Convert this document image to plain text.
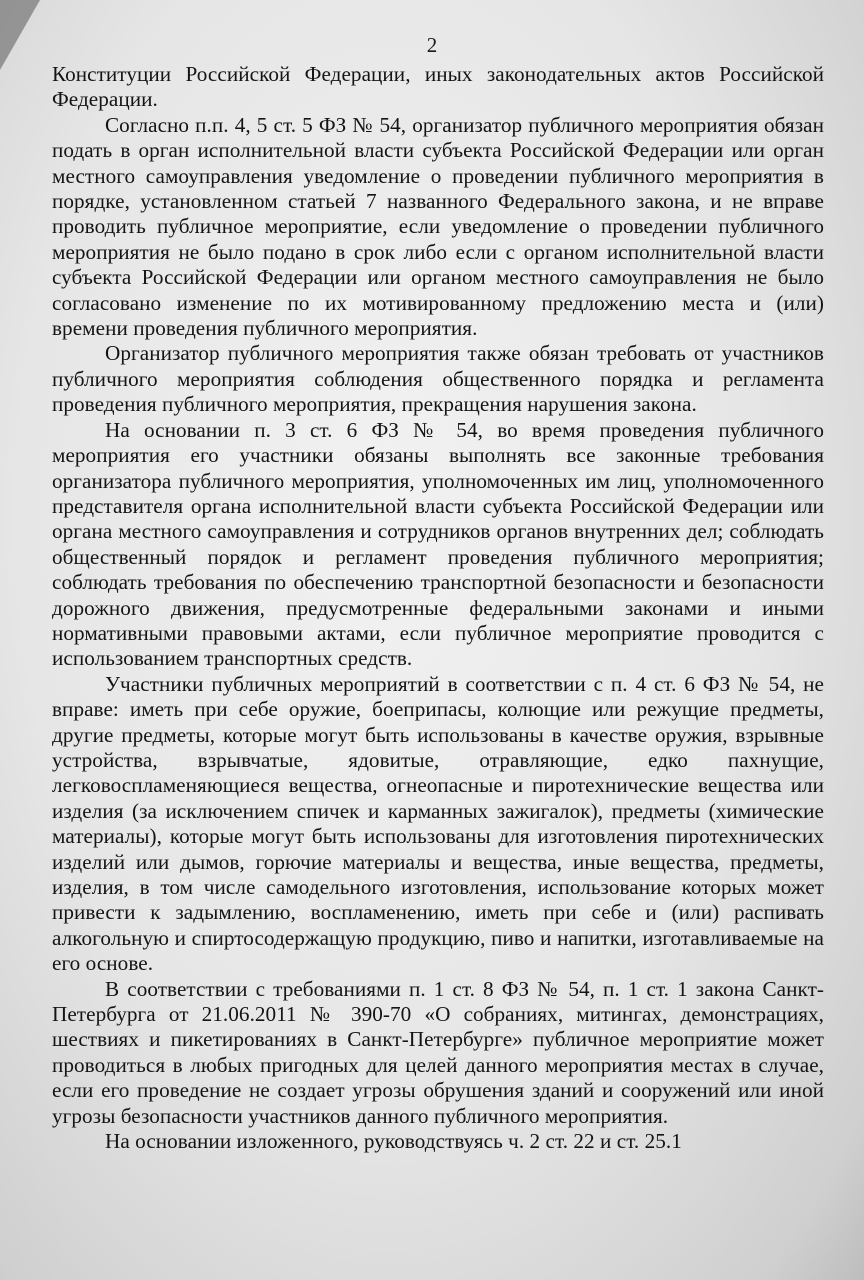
2

Конституции Российской Федерации, иных законодательных актов Российской Федерации.

Согласно п.п. 4, 5 ст. 5 ФЗ № 54, организатор публичного мероприятия обязан подать в орган исполнительной власти субъекта Российской Федерации или орган местного самоуправления уведомление о проведении публичного мероприятия в порядке, установленном статьей 7 названного Федерального закона, и не вправе проводить публичное мероприятие, если уведомление о проведении публичного мероприятия не было подано в срок либо если с органом исполнительной власти субъекта Российской Федерации или органом местного самоуправления не было согласовано изменение по их мотивированному предложению места и (или) времени проведения публичного мероприятия.

Организатор публичного мероприятия также обязан требовать от участников публичного мероприятия соблюдения общественного порядка и регламента проведения публичного мероприятия, прекращения нарушения закона.

На основании п. 3 ст. 6 ФЗ № 54, во время проведения публичного мероприятия его участники обязаны выполнять все законные требования организатора публичного мероприятия, уполномоченных им лиц, уполномоченного представителя органа исполнительной власти субъекта Российской Федерации или органа местного самоуправления и сотрудников органов внутренних дел; соблюдать общественный порядок и регламент проведения публичного мероприятия; соблюдать требования по обеспечению транспортной безопасности и безопасности дорожного движения, предусмотренные федеральными законами и иными нормативными правовыми актами, если публичное мероприятие проводится с использованием транспортных средств.

Участники публичных мероприятий в соответствии с п. 4 ст. 6 ФЗ № 54, не вправе: иметь при себе оружие, боеприпасы, колющие или режущие предметы, другие предметы, которые могут быть использованы в качестве оружия, взрывные устройства, взрывчатые, ядовитые, отравляющие, едко пахнущие, легковоспламеняющиеся вещества, огнеопасные и пиротехнические вещества или изделия (за исключением спичек и карманных зажигалок), предметы (химические материалы), которые могут быть использованы для изготовления пиротехнических изделий или дымов, горючие материалы и вещества, иные вещества, предметы, изделия, в том числе самодельного изготовления, использование которых может привести к задымлению, воспламенению, иметь при себе и (или) распивать алкогольную и спиртосодержащую продукцию, пиво и напитки, изготавливаемые на его основе.

В соответствии с требованиями п. 1 ст. 8 ФЗ № 54, п. 1 ст. 1 закона Санкт-Петербурга от 21.06.2011 № 390-70 «О собраниях, митингах, демонстрациях, шествиях и пикетированиях в Санкт-Петербурге» публичное мероприятие может проводиться в любых пригодных для целей данного мероприятия местах в случае, если его проведение не создает угрозы обрушения зданий и сооружений или иной угрозы безопасности участников данного публичного мероприятия.

На основании изложенного, руководствуясь ч. 2 ст. 22 и ст. 25.1
